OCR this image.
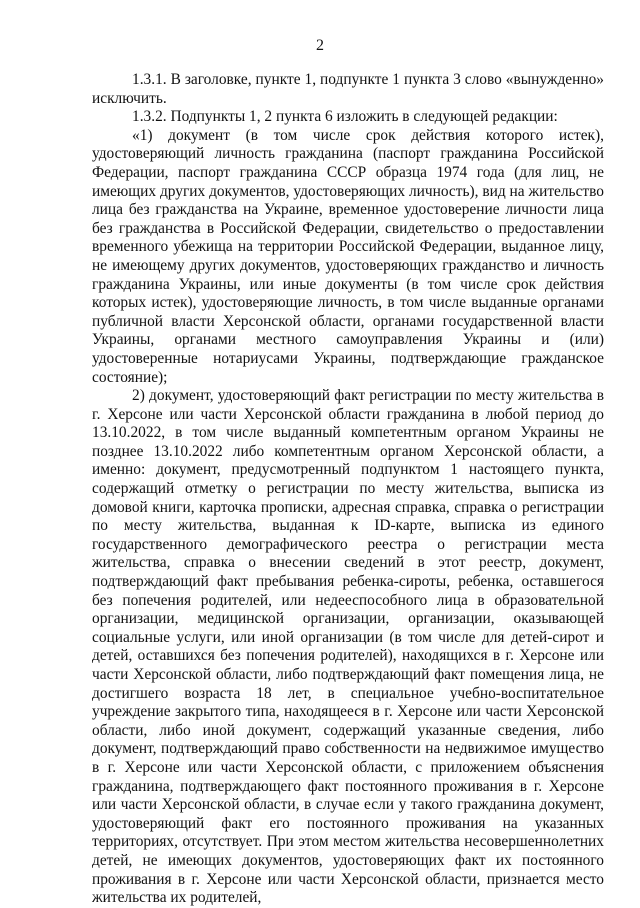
2

1.3.1. В заголовке, пункте 1, подпункте 1 пункта 3 слово «вынужденно» исключить.

1.3.2. Подпункты 1, 2 пункта 6 изложить в следующей редакции:

«1) документ (в том числе срок действия которого истек), удостоверяющий личность гражданина (паспорт гражданина Российской Федерации, паспорт гражданина СССР образца 1974 года (для лиц, не имеющих других документов, удостоверяющих личность), вид на жительство лица без гражданства на Украине, временное удостоверение личности лица без гражданства в Российской Федерации, свидетельство о предоставлении временного убежища на территории Российской Федерации, выданное лицу, не имеющему других документов, удостоверяющих гражданство и личность гражданина Украины, или иные документы (в том числе срок действия которых истек), удостоверяющие личность, в том числе выданные органами публичной власти Херсонской области, органами государственной власти Украины, органами местного самоуправления Украины и (или) удостоверенные нотариусами Украины, подтверждающие гражданское состояние);

2) документ, удостоверяющий факт регистрации по месту жительства в г. Херсоне или части Херсонской области гражданина в любой период до 13.10.2022, в том числе выданный компетентным органом Украины не позднее 13.10.2022 либо компетентным органом Херсонской области, а именно: документ, предусмотренный подпунктом 1 настоящего пункта, содержащий отметку о регистрации по месту жительства, выписка из домовой книги, карточка прописки, адресная справка, справка о регистрации по месту жительства, выданная к ID-карте, выписка из единого государственного демографического реестра о регистрации места жительства, справка о внесении сведений в этот реестр, документ, подтверждающий факт пребывания ребенка-сироты, ребенка, оставшегося без попечения родителей, или недееспособного лица в образовательной организации, медицинской организации, организации, оказывающей социальные услуги, или иной организации (в том числе для детей-сирот и детей, оставшихся без попечения родителей), находящихся в г. Херсоне или части Херсонской области, либо подтверждающий факт помещения лица, не достигшего возраста 18 лет, в специальное учебно-воспитательное учреждение закрытого типа, находящееся в г. Херсоне или части Херсонской области, либо иной документ, содержащий указанные сведения, либо документ, подтверждающий право собственности на недвижимое имущество в г. Херсоне или части Херсонской области, с приложением объяснения гражданина, подтверждающего факт постоянного проживания в г. Херсоне или части Херсонской области, в случае если у такого гражданина документ, удостоверяющий факт его постоянного проживания на указанных территориях, отсутствует. При этом местом жительства несовершеннолетних детей, не имеющих документов, удостоверяющих факт их постоянного проживания в г. Херсоне или части Херсонской области, признается место жительства их родителей,
